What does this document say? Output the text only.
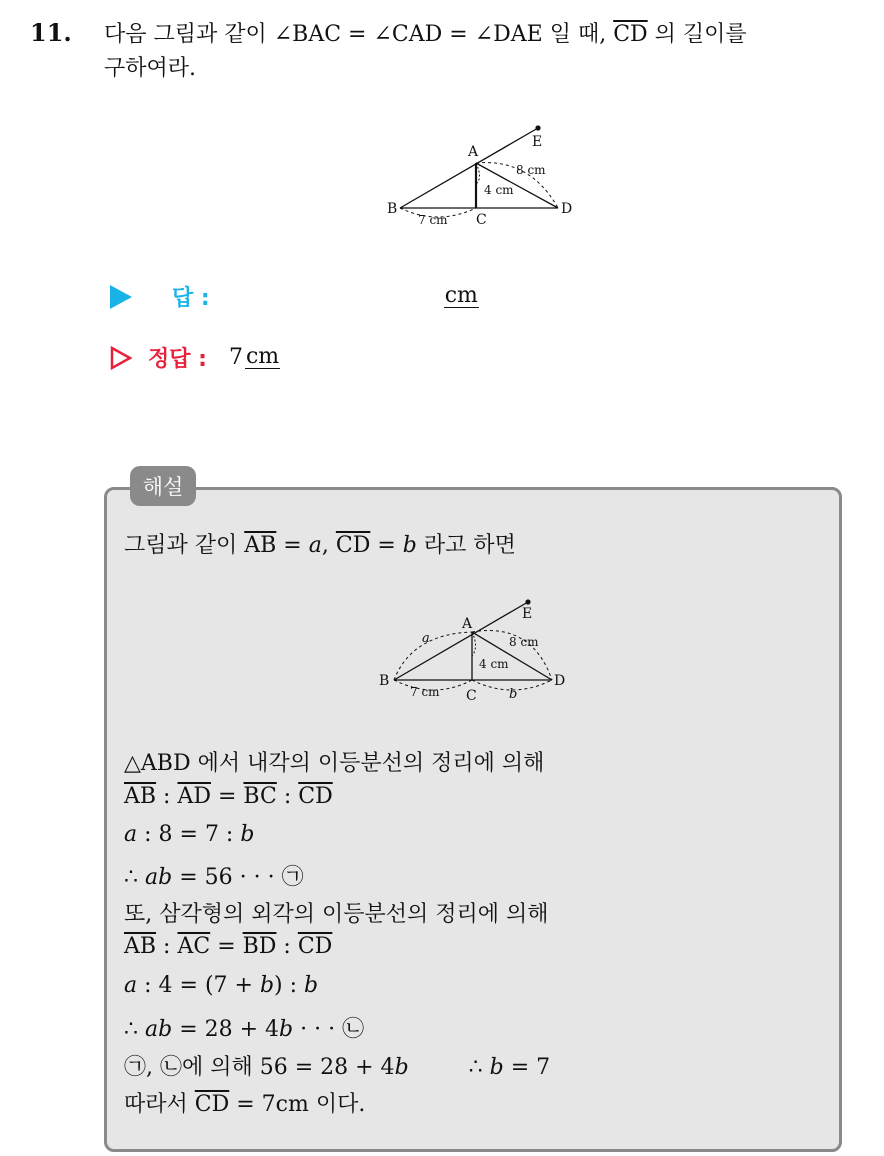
11. 다음 그림과 같이 ∠BAC = ∠CAD = ∠DAE 일 때, $\overline{CD}$ 의 길이를
구하여라.
A
B
C
D
E
8 cm
4 cm
7 cm
답 :	cm
정답 : 7 cm
해설
그림과 같이 $\overline{AB} = a$, $\overline{CD} = b$ 라고 하면
A
B
C
D
E
a
b
8 cm
4 cm
7 cm
△ABD 에서 내각의 이등분선의 정리에 의해
$\overline{AB}$ : $\overline{AD} = \overline{BC}$ : $\overline{CD}$
a : 8 = 7 : b
∴ ab = 56 · · · ㉠
또, 삼각형의 외각의 이등분선의 정리에 의해
$\overline{AB}$ : $\overline{AC} = \overline{BD}$ : $\overline{CD}$
a : 4 = (7 + b) : b
∴ ab = 28 + 4b · · · ㉡
㉠, ㉡에 의해 56 = 28 + 4b	∴ b = 7
따라서 $\overline{CD} = 7cm$ 이다.
